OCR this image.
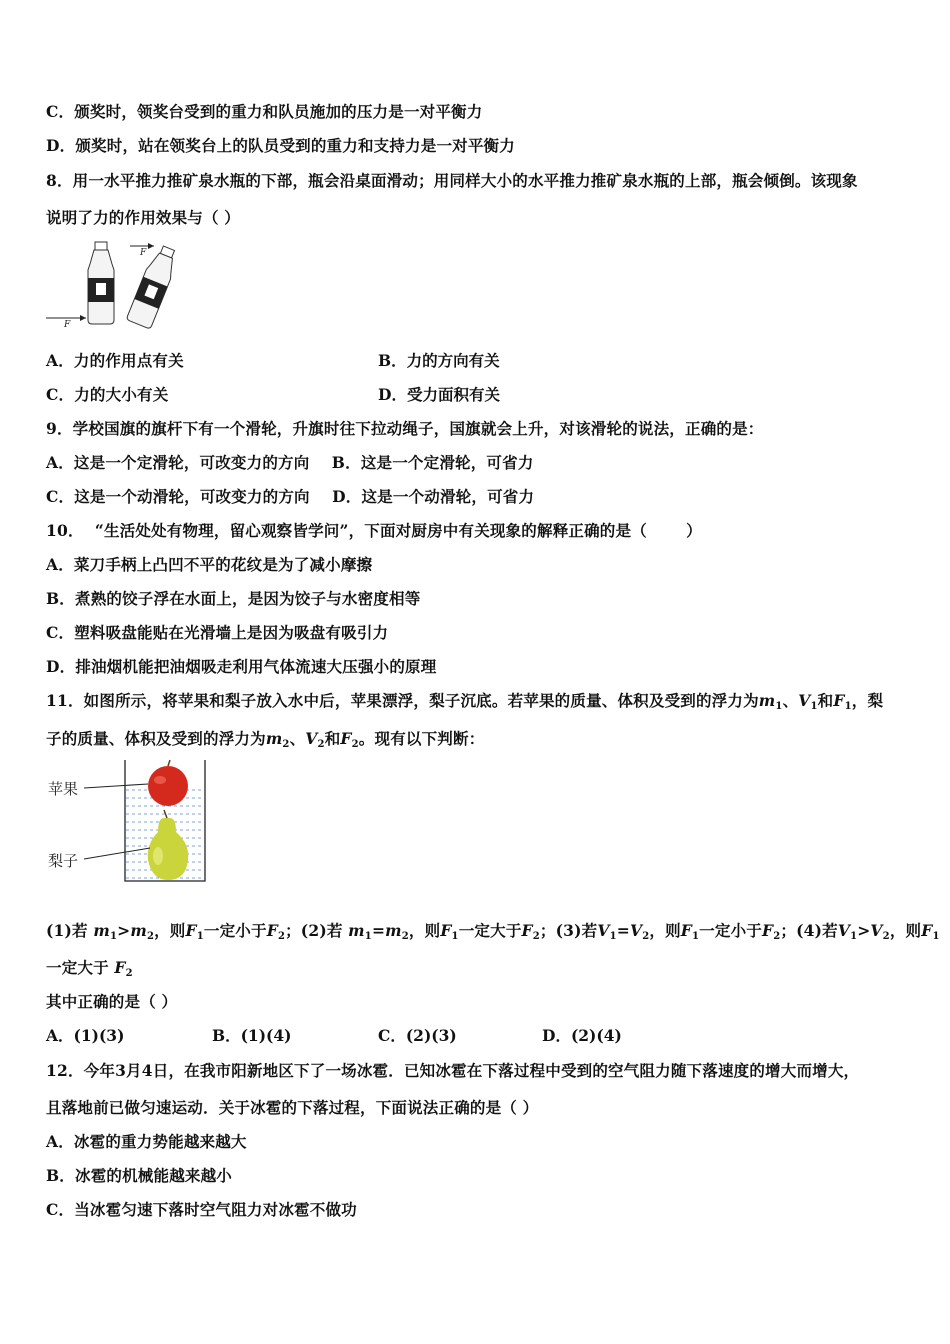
C．颁奖时，领奖台受到的重力和队员施加的压力是一对平衡力
D．颁奖时，站在领奖台上的队员受到的重力和支持力是一对平衡力
8．用一水平推力推矿泉水瓶的下部，瓶会沿桌面滑动；用同样大小的水平推力推矿泉水瓶的上部，瓶会倾倒。该现象
说明了力的作用效果与（ ）
F
F
A．力的作用点有关	B．力的方向有关
C．力的大小有关	D．受力面积有关
9．学校国旗的旗杆下有一个滑轮，升旗时往下拉动绳子，国旗就会上升，对该滑轮的说法，正确的是：
A．这是一个定滑轮，可改变力的方向    B．这是一个定滑轮，可省力
C．这是一个动滑轮，可改变力的方向    D．这是一个动滑轮，可省力
10．  “生活处处有物理，留心观察皆学问”，下面对厨房中有关现象的解释正确的是（       ）
A．菜刀手柄上凸凹不平的花纹是为了减小摩擦
B．煮熟的饺子浮在水面上，是因为饺子与水密度相等
C．塑料吸盘能贴在光滑墙上是因为吸盘有吸引力
D．排油烟机能把油烟吸走利用气体流速大压强小的原理
11．如图所示，将苹果和梨子放入水中后，苹果漂浮，梨子沉底。若苹果的质量、体积及受到的浮力为$m_1$、$V_1$和$F_1$，梨
子的质量、体积及受到的浮力为$m_2$、$V_2$和$F_2$。现有以下判断：
苹果
梨子
(1)若 $m_1>m_2$，则$F_1$一定小于$F_2$；(2)若 $m_1=m_2$，则$F_1$一定大于$F_2$；(3)若$V_1=V_2$，则$F_1$一定小于$F_2$；(4)若$V_1>V_2$，则$F_1$
一定大于 $F_2$
其中正确的是（ ）
A．(1)(3)	B．(1)(4)	C．(2)(3)	D．(2)(4)
12．今年3月4日，在我市阳新地区下了一场冰雹．已知冰雹在下落过程中受到的空气阻力随下落速度的增大而增大，
且落地前已做匀速运动．关于冰雹的下落过程，下面说法正确的是（ ）
A．冰雹的重力势能越来越大
B．冰雹的机械能越来越小
C．当冰雹匀速下落时空气阻力对冰雹不做功
